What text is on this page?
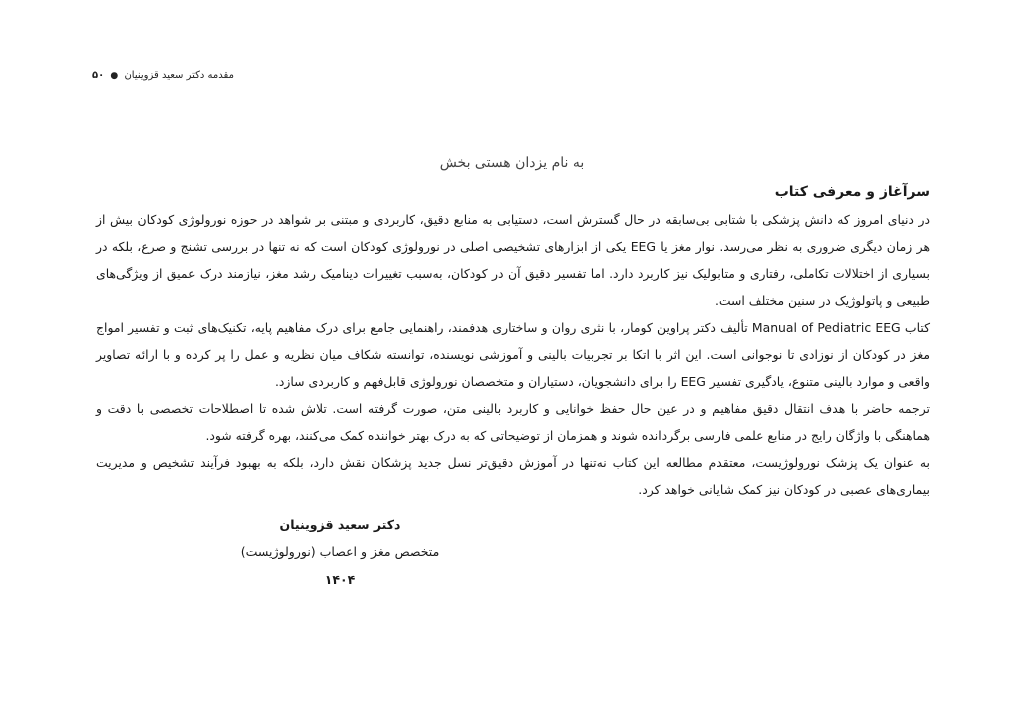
مقدمه دکتر سعید قزوینیان ● ۵۰
به نام یزدان هستی بخش
سرآغاز و معرفی کتاب

در دنیای امروز که دانش پزشکی با شتابی بی‌سابقه در حال گسترش است، دستیابی به منابع دقیق، کاربردی و مبتنی بر شواهد در حوزه نورولوژی کودکان بیش از هر زمان دیگری ضروری به نظر می‌رسد. نوار مغز یا EEG یکی از ابزارهای تشخیصی اصلی در نورولوژی کودکان است که نه تنها در بررسی تشنج و صرع، بلکه در بسیاری از اختلالات تکاملی، رفتاری و متابولیک نیز کاربرد دارد. اما تفسیر دقیق آن در کودکان، به‌سبب تغییرات دینامیک رشد مغز، نیازمند درک عمیق از ویژگی‌های طبیعی و پاتولوژیک در سنین مختلف است.

کتاب Manual of Pediatric EEG تألیف دکتر پراوین کومار، با نثری روان و ساختاری هدفمند، راهنمایی جامع برای درک مفاهیم پایه، تکنیک‌های ثبت و تفسیر امواج مغز در کودکان از نوزادی تا نوجوانی است. این اثر با اتکا بر تجربیات بالینی و آموزشی نویسنده، توانسته شکاف میان نظریه و عمل را پر کرده و با ارائه تصاویر واقعی و موارد بالینی متنوع، یادگیری تفسیر EEG را برای دانشجویان، دستیاران و متخصصان نورولوژی قابل‌فهم و کاربردی سازد.

ترجمه حاضر با هدف انتقال دقیق مفاهیم و در عین حال حفظ خوانایی و کاربرد بالینی متن، صورت گرفته است. تلاش شده تا اصطلاحات تخصصی با دقت و هماهنگی با واژگان رایج در منابع علمی فارسی برگردانده شوند و همزمان از توضیحاتی که به درک بهتر خواننده کمک می‌کنند، بهره گرفته شود.

به عنوان یک پزشک نورولوژیست، معتقدم مطالعه این کتاب نه‌تنها در آموزش دقیق‌تر نسل جدید پزشکان نقش دارد، بلکه به بهبود فرآیند تشخیص و مدیریت بیماری‌های عصبی در کودکان نیز کمک شایانی خواهد کرد.

دکتر سعید قزوینیان
متخصص مغز و اعصاب (نورولوژیست)
۱۴۰۴
